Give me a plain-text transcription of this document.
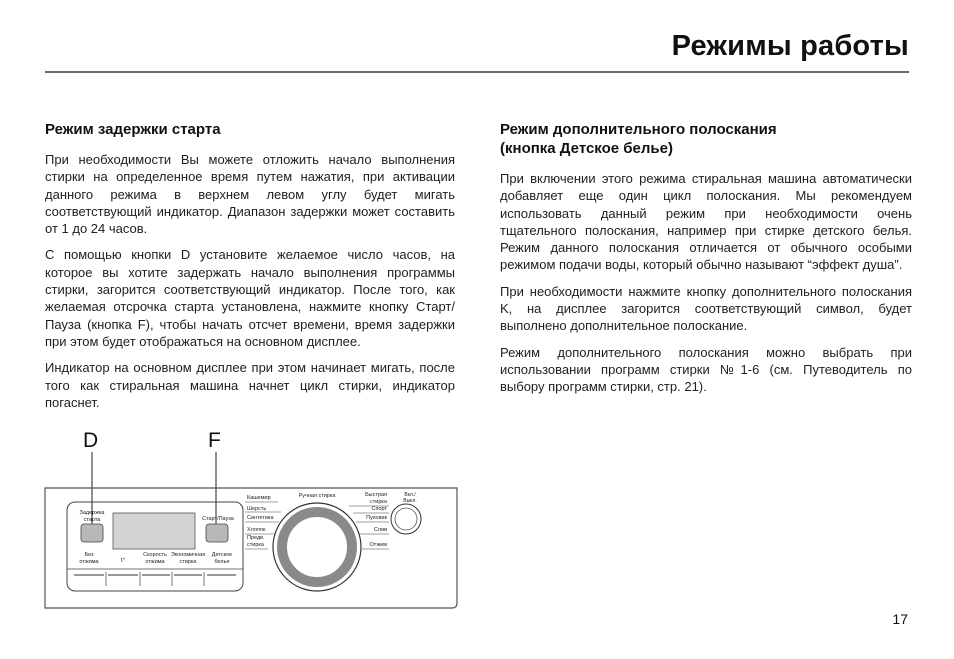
Режимы работы
Режим задержки старта

При необходимости Вы можете отложить начало выполнения стирки на определенное время путем нажатия, при активации данного режима в верхнем левом углу будет мигать соответствующий индикатор. Диапазон задержки может составить от 1 до 24 часов.

С помощью кнопки D установите желаемое число часов, на которое вы хотите задержать начало выполнения программы стирки, загорится соответствующий индикатор. После того, как желаемая отсрочка старта установлена, нажмите кнопку Старт/Пауза (кнопка F), чтобы начать отсчет времени, время задержки при этом будет отображаться на основном дисплее.

Индикатор на основном дисплее при этом начинает мигать, после того как стиральная машина начнет цикл стирки, индикатор погаснет.

Режим дополнительного полоскания
(кнопка Детское белье)

При включении этого режима стиральная машина автоматически добавляет еще один цикл полоскания. Мы рекомендуем использовать данный режим при необходимости очень тщательного полоскания, например при стирке детского белья. Режим данного полоскания отличается от обычного особыми режимом подачи воды, который обычно называют “эффект душа”.

При необходимости нажмите кнопку дополнительного полоскания K, на дисплее загорится соответствующий символ, будет выполнено дополнительное полоскание.

Режим дополнительного полоскания можно выбрать при использовании программ стирки №1-6 (см. Путеводитель по выбору программ стирки, стр. 21).

D	F
Задержка
старта	Старт/Пауза
Без
отжима	t°
Скорость
отжима
Экономичная
стирка
Детское
белье
Ручная стирка
Кашемир
Шерсть
Синтетика
Хлопок
Предв.
стирка
Быстрая
стирка
Спорт
Пуховик
Слив
Отжим
Вкл./
Выкл.
17
